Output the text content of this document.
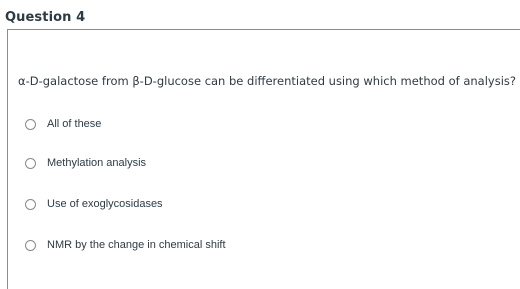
Question 4
α-D-galactose from β-D-glucose can be differentiated using which method of analysis?
All of these
Methylation analysis
Use of exoglycosidases
NMR by the change in chemical shift
